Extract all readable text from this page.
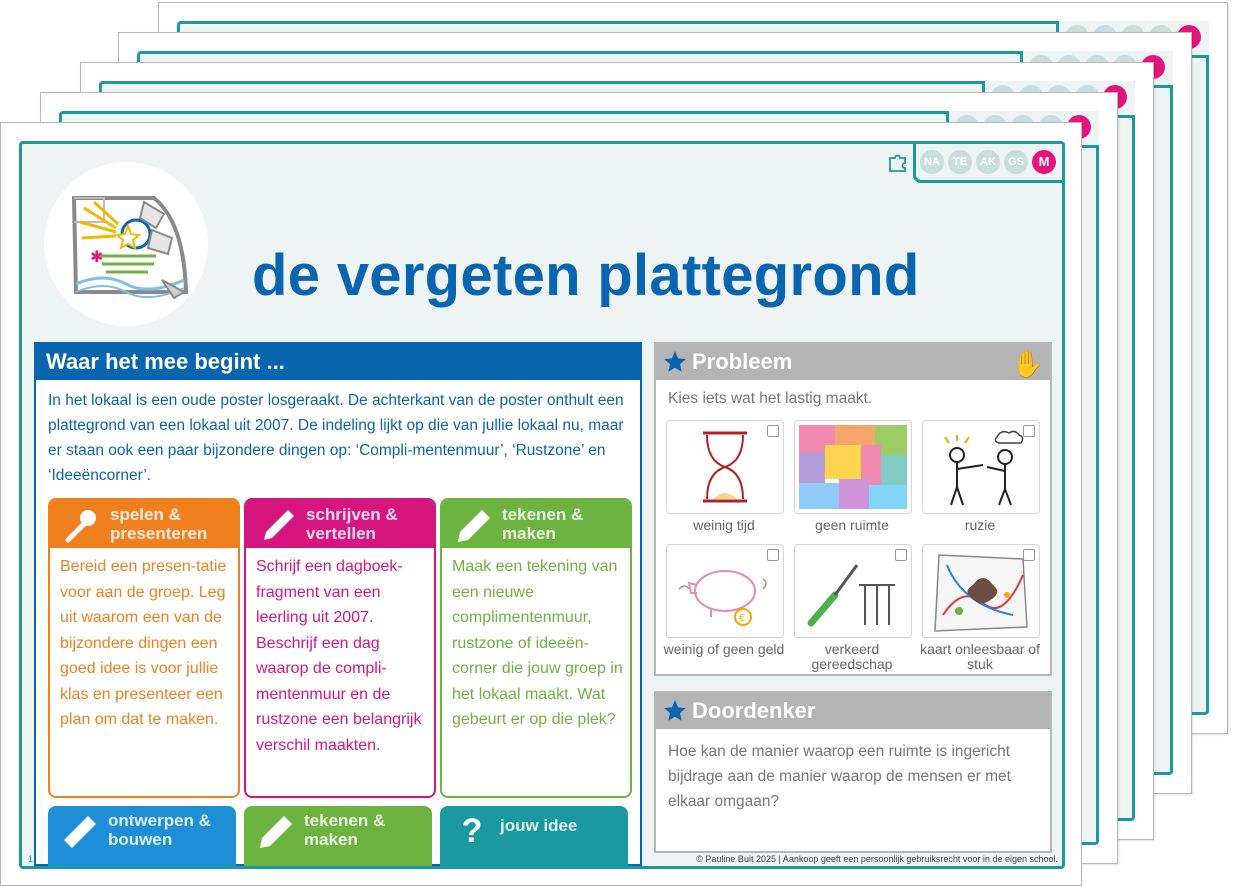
NA	TE	AK	GS	M
✱	de vergeten plattegrond
Waar het mee begint ...
In het lokaal is een oude poster losgeraakt. De achterkant van de poster onthult een plattegrond van een lokaal uit 2007. De indeling lijkt op die van jullie lokaal nu, maar er staan ook een paar bijzondere dingen op: ‘Compli-mentenmuur’, ‘Rustzone’ en ‘Ideeëncorner’.
spelen &
presenteren
Bereid een presen-tatie voor aan de groep. Leg uit waarom een van de bijzondere dingen een goed idee is voor jullie klas en presenteer een plan om dat te maken.
schrijven &
vertellen
Schrijf een dagboek-fragment van een leerling uit 2007. Beschrijf een dag waarop de compli-mentenmuur en de rustzone een belangrijk verschil maakten.
tekenen &
maken
Maak een tekening van een nieuwe complimentenmuur, rustzone of ideeën-corner die jouw groep in het lokaal maakt. Wat gebeurt er op die plek?
ontwerpen &
bouwen
tekenen &
maken	?	jouw idee
Probleem	✋
Kies iets wat het lastig maakt.
weinig tijd	geen ruimte	ruzie
€
weinig of geen geld	verkeerd gereedschap
kaart onleesbaar of stuk
Doordenker
Hoe kan de manier waarop een ruimte is ingericht bijdrage aan de manier waarop de mensen er met elkaar omgaan?
1	© Pauline Buit 2025 | Aankoop geeft een persoonlijk gebruiksrecht voor in de eigen school.
